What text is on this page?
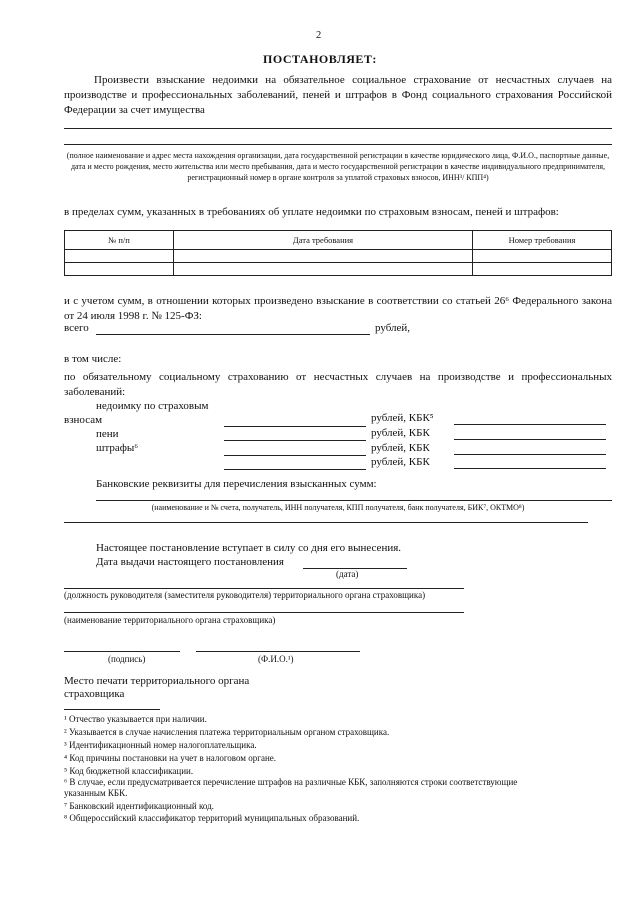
2
ПОСТАНОВЛЯЕТ:
Произвести взыскание недоимки на обязательное социальное страхование от несчастных случаев на производстве и профессиональных заболеваний, пеней и штрафов в Фонд социального страхования Российской Федерации за счет имущества
(полное наименование и адрес места нахождения организации, дата государственной регистрации в качестве юридического лица, Ф.И.О., паспортные данные, дата и место рождения, место жительства или место пребывания, дата и место государственной регистрации в качестве индивидуального предпринимателя, регистрационный номер в органе контроля за уплатой страховых взносов, ИНН³/ КПП⁴)
в пределах сумм, указанных в требованиях об уплате недоимки по страховым взносам, пеней и штрафов:
№ п/п	Дата требования	Номер требования

и с учетом сумм, в отношении которых произведено взыскание в соответствии со статьей 26⁶ Федерального закона от 24 июля 1998 г. № 125-ФЗ:
всего	рублей,
в том числе:
по обязательному социальному страхованию от несчастных случаев на производстве и профессиональных заболеваний:
недоимку по страховым
взносам	рублей, КБК⁵
пени	рублей, КБК
штрафы⁶	рублей, КБК
рублей, КБК
Банковские реквизиты для перечисления взысканных сумм:
(наименование и № счета, получатель, ИНН получателя, КПП получателя, банк получателя, БИК⁷, ОКТМО⁸)
Настоящее постановление вступает в силу со дня его вынесения.
Дата выдачи настоящего постановления
(дата)
(должность руководителя (заместителя руководителя) территориального органа страховщика)
(наименование территориального органа страховщика)
(подпись)	(Ф.И.О.¹)
Место печати территориального органа
страховщика
¹ Отчество указывается при наличии.
² Указывается в случае начисления платежа территориальным органом страховщика.
³ Идентификационный номер налогоплательщика.
⁴ Код причины постановки на учет в налоговом органе.
⁵ Код бюджетной классификации.
⁶ В случае, если предусматривается перечисление штрафов на различные КБК, заполняются строки соответствующие
указанным КБК.
⁷ Банковский идентификационный код.
⁸ Общероссийский классификатор территорий муниципальных образований.
